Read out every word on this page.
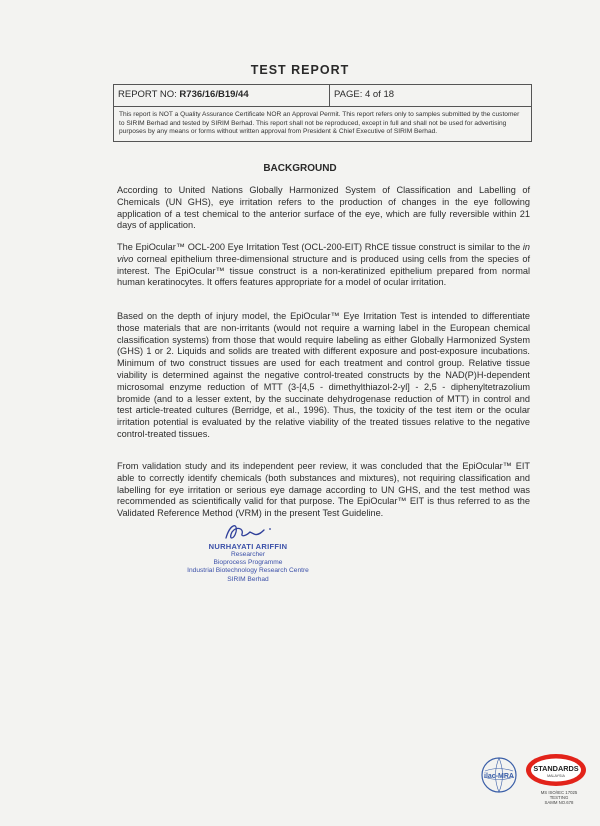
TEST REPORT
REPORT NO: R736/16/B19/44	PAGE: 4 of 18
This report is NOT a Quality Assurance Certificate NOR an Approval Permit. This report refers only to samples submitted by the customer to SIRIM Berhad and tested by SIRIM Berhad. This report shall not be reproduced, except in full and shall not be used for advertising purposes by any means or forms without written approval from President & Chief Executive of SIRIM Berhad.
BACKGROUND

According to United Nations Globally Harmonized System of Classification and Labelling of Chemicals (UN GHS), eye irritation refers to the production of changes in the eye following application of a test chemical to the anterior surface of the eye, which are fully reversible within 21 days of application.

The EpiOcular™ OCL-200 Eye Irritation Test (OCL-200-EIT) RhCE tissue construct is similar to the in vivo corneal epithelium three-dimensional structure and is produced using cells from the species of interest. The EpiOcular™ tissue construct is a non-keratinized epithelium prepared from normal human keratinocytes. It offers features appropriate for a model of ocular irritation.

Based on the depth of injury model, the EpiOcular™ Eye Irritation Test is intended to differentiate those materials that are non-irritants (would not require a warning label in the European chemical classification systems) from those that would require labeling as either Globally Harmonized System (GHS) 1 or 2. Liquids and solids are treated with different exposure and post-exposure incubations. Minimum of two construct tissues are used for each treatment and control group. Relative tissue viability is determined against the negative control-treated constructs by the NAD(P)H-dependent microsomal enzyme reduction of MTT (3-[4,5 - dimethylthiazol-2-yl] - 2,5 - diphenyltetrazolium bromide (and to a lesser extent, by the succinate dehydrogenase reduction of MTT) in control and test article-treated cultures (Berridge, et al., 1996). Thus, the toxicity of the test item or the ocular irritation potential is evaluated by the relative viability of the treated tissues relative to the negative control-treated tissues.

From validation study and its independent peer review, it was concluded that the EpiOcular™ EIT able to correctly identify chemicals (both substances and mixtures), not requiring classification and labelling for eye irritation or serious eye damage according to UN GHS, and the test method was recommended as scientifically valid for that purpose. The EpiOcular™ EIT is thus referred to as the Validated Reference Method (VRM) in the present Test Guideline.

NURHAYATI ARIFFIN
Researcher
Bioprocess Programme
Industrial Biotechnology Research Centre
SIRIM Berhad
ilac-MRA
STANDARDS
MALAYSIA
MS ISO/IEC 17025
TESTING
SAMM NO.678
